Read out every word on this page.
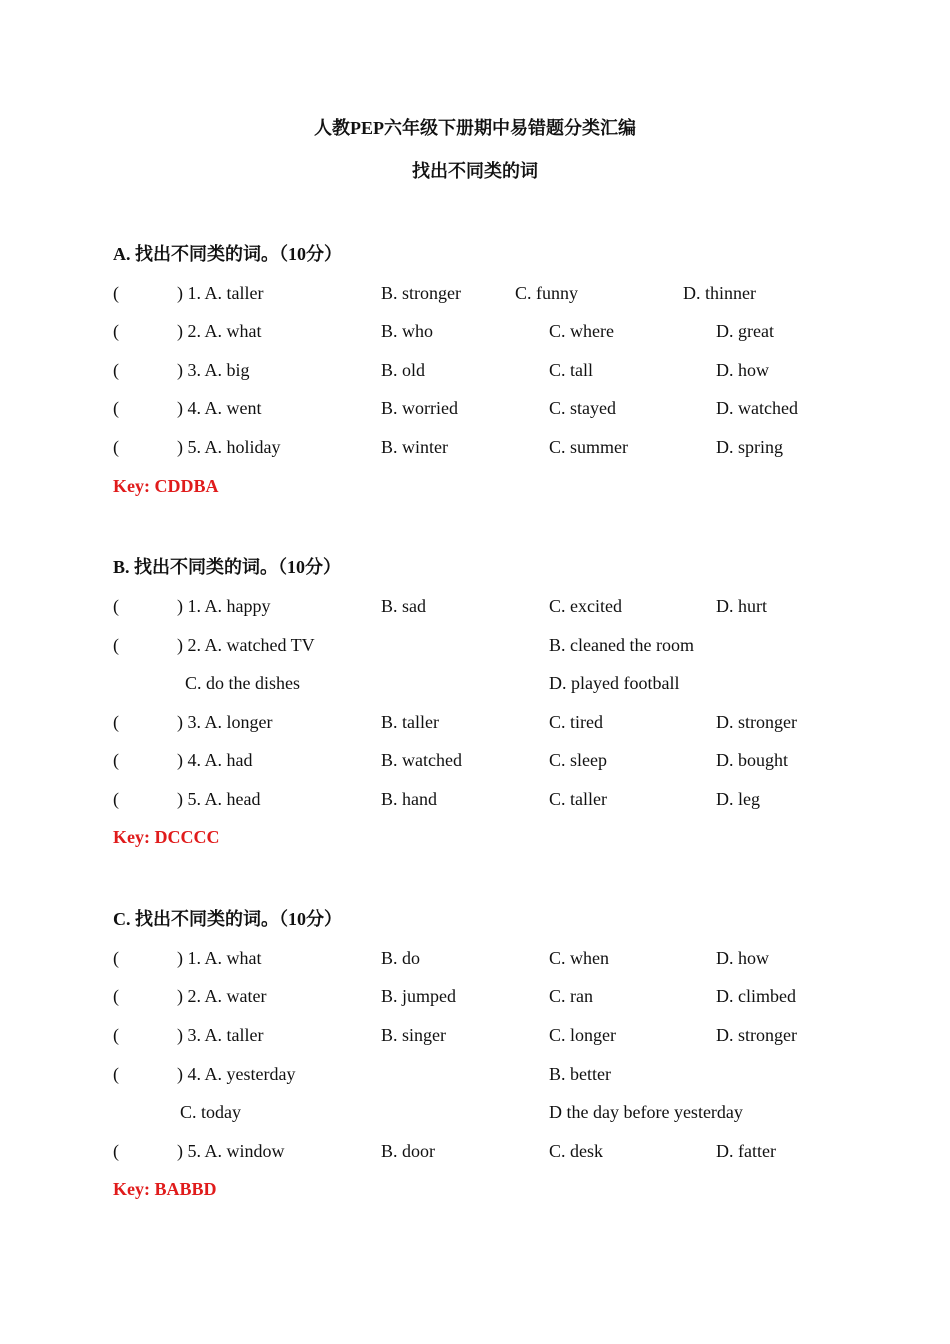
人教PEP六年级下册期中易错题分类汇编
找出不同类的词
A. 找出不同类的词。（10分）
(	) 1. A. taller	B. stronger	C. funny	D. thinner
(	) 2. A. what	B. who	C. where	D. great
(	) 3. A. big	B. old	C. tall	D. how
(	) 4. A. went	B. worried	C. stayed	D. watched
(	) 5. A. holiday	B. winter	C. summer	D. spring
Key: CDDBA
B. 找出不同类的词。（10分）
(	) 1. A. happy	B. sad	C. excited	D. hurt
(	) 2. A. watched TV	B. cleaned the room
C. do the dishes	D. played football
(	) 3. A. longer	B. taller	C. tired	D. stronger
(	) 4. A. had	B. watched	C. sleep	D. bought
(	) 5. A. head	B. hand	C. taller	D. leg
Key: DCCCC
C. 找出不同类的词。（10分）
(	) 1. A. what	B. do	C. when	D. how
(	) 2. A. water	B. jumped	C. ran	D. climbed
(	) 3. A. taller	B. singer	C. longer	D. stronger
(	) 4. A. yesterday	B. better
C. today	D the day before yesterday
(	) 5. A. window	B. door	C. desk	D. fatter
Key: BABBD
